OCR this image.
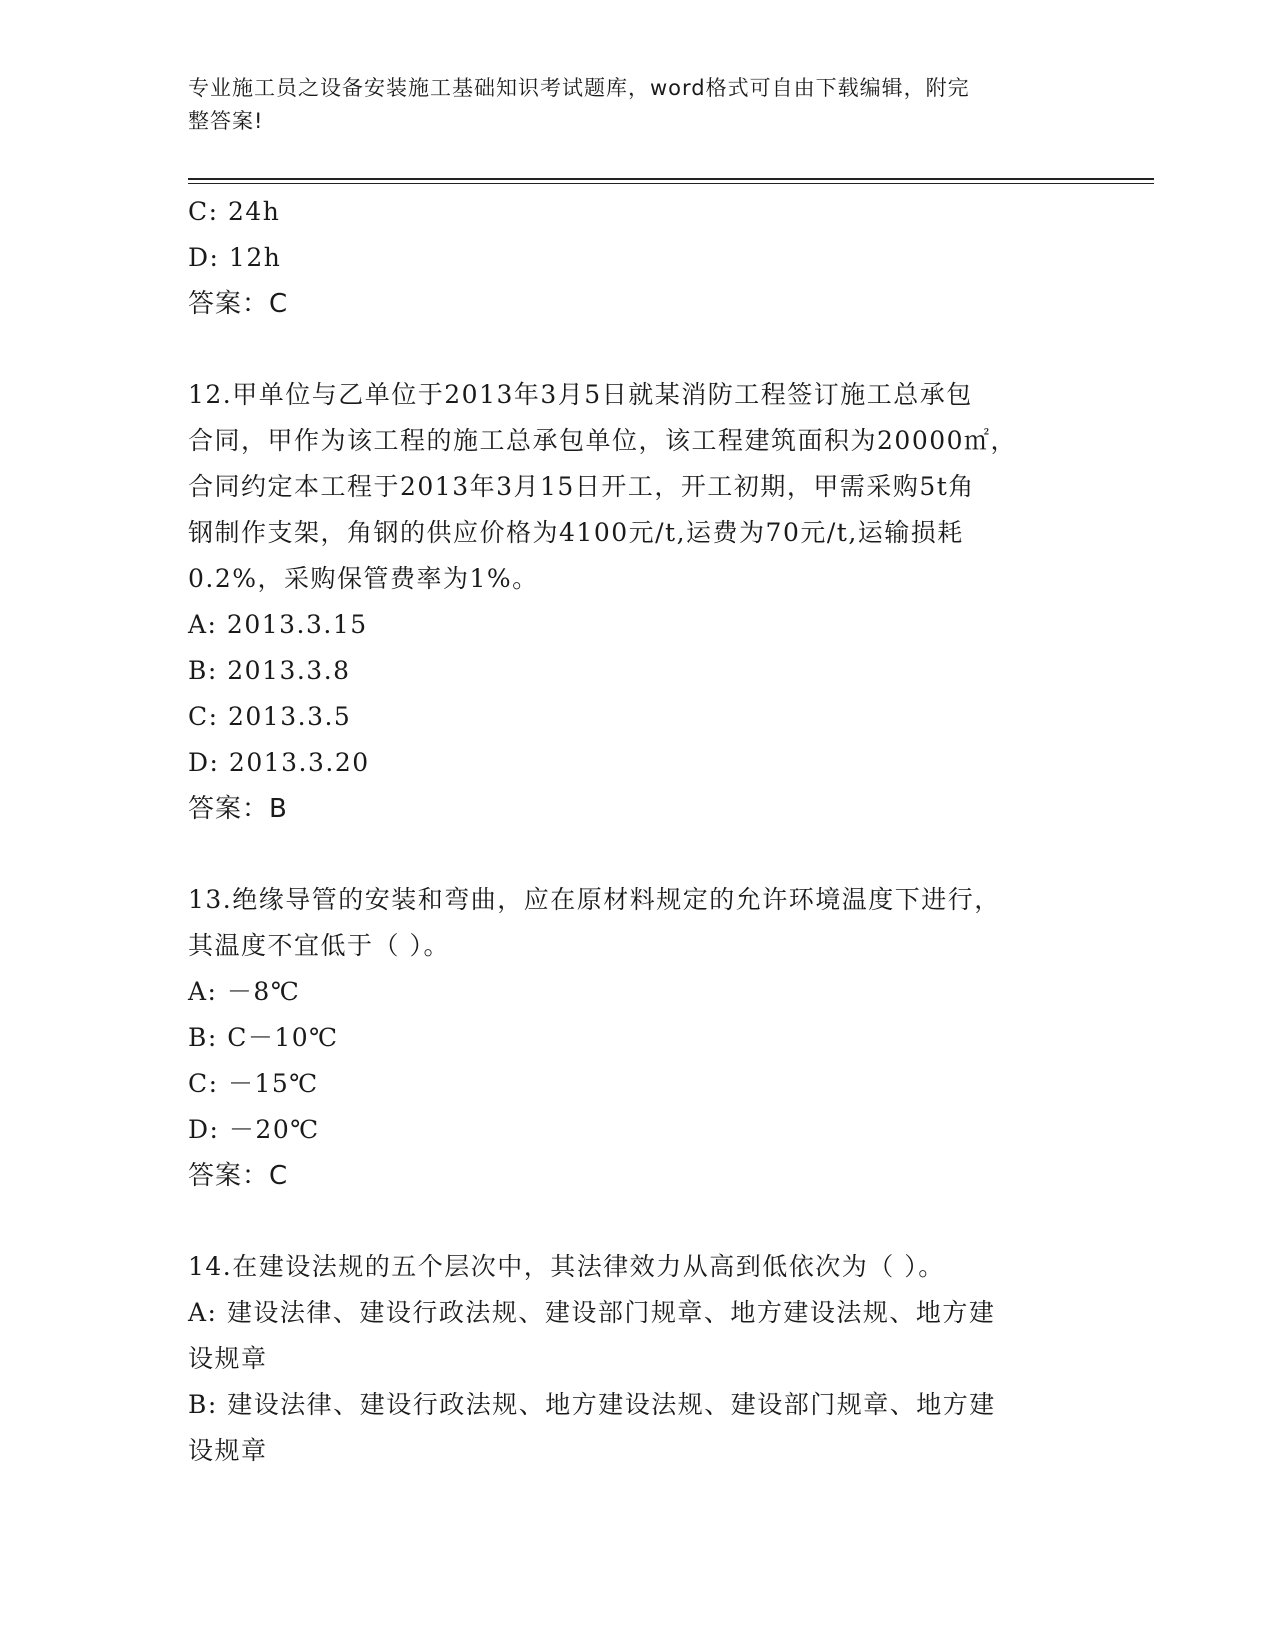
专业施工员之设备安装施工基础知识考试题库，word格式可自由下载编辑，附完
整答案!
C: 24h
D: 12h
答案：C
12.甲单位与乙单位于2013年3月5日就某消防工程签订施工总承包
合同，甲作为该工程的施工总承包单位，该工程建筑面积为20000㎡，
合同约定本工程于2013年3月15日开工，开工初期，甲需采购5t角
钢制作支架，角钢的供应价格为4100元/t,运费为70元/t,运输损耗
0.2%，采购保管费率为1%。
A: 2013.3.15
B: 2013.3.8
C: 2013.3.5
D: 2013.3.20
答案：B
13.绝缘导管的安装和弯曲，应在原材料规定的允许环境温度下进行，
其温度不宜低于（ ）。
A: －8℃
B: C－10℃
C: －15℃
D: －20℃
答案：C
14.在建设法规的五个层次中，其法律效力从高到低依次为（ ）。
A: 建设法律、建设行政法规、建设部门规章、地方建设法规、地方建
设规章
B: 建设法律、建设行政法规、地方建设法规、建设部门规章、地方建
设规章
